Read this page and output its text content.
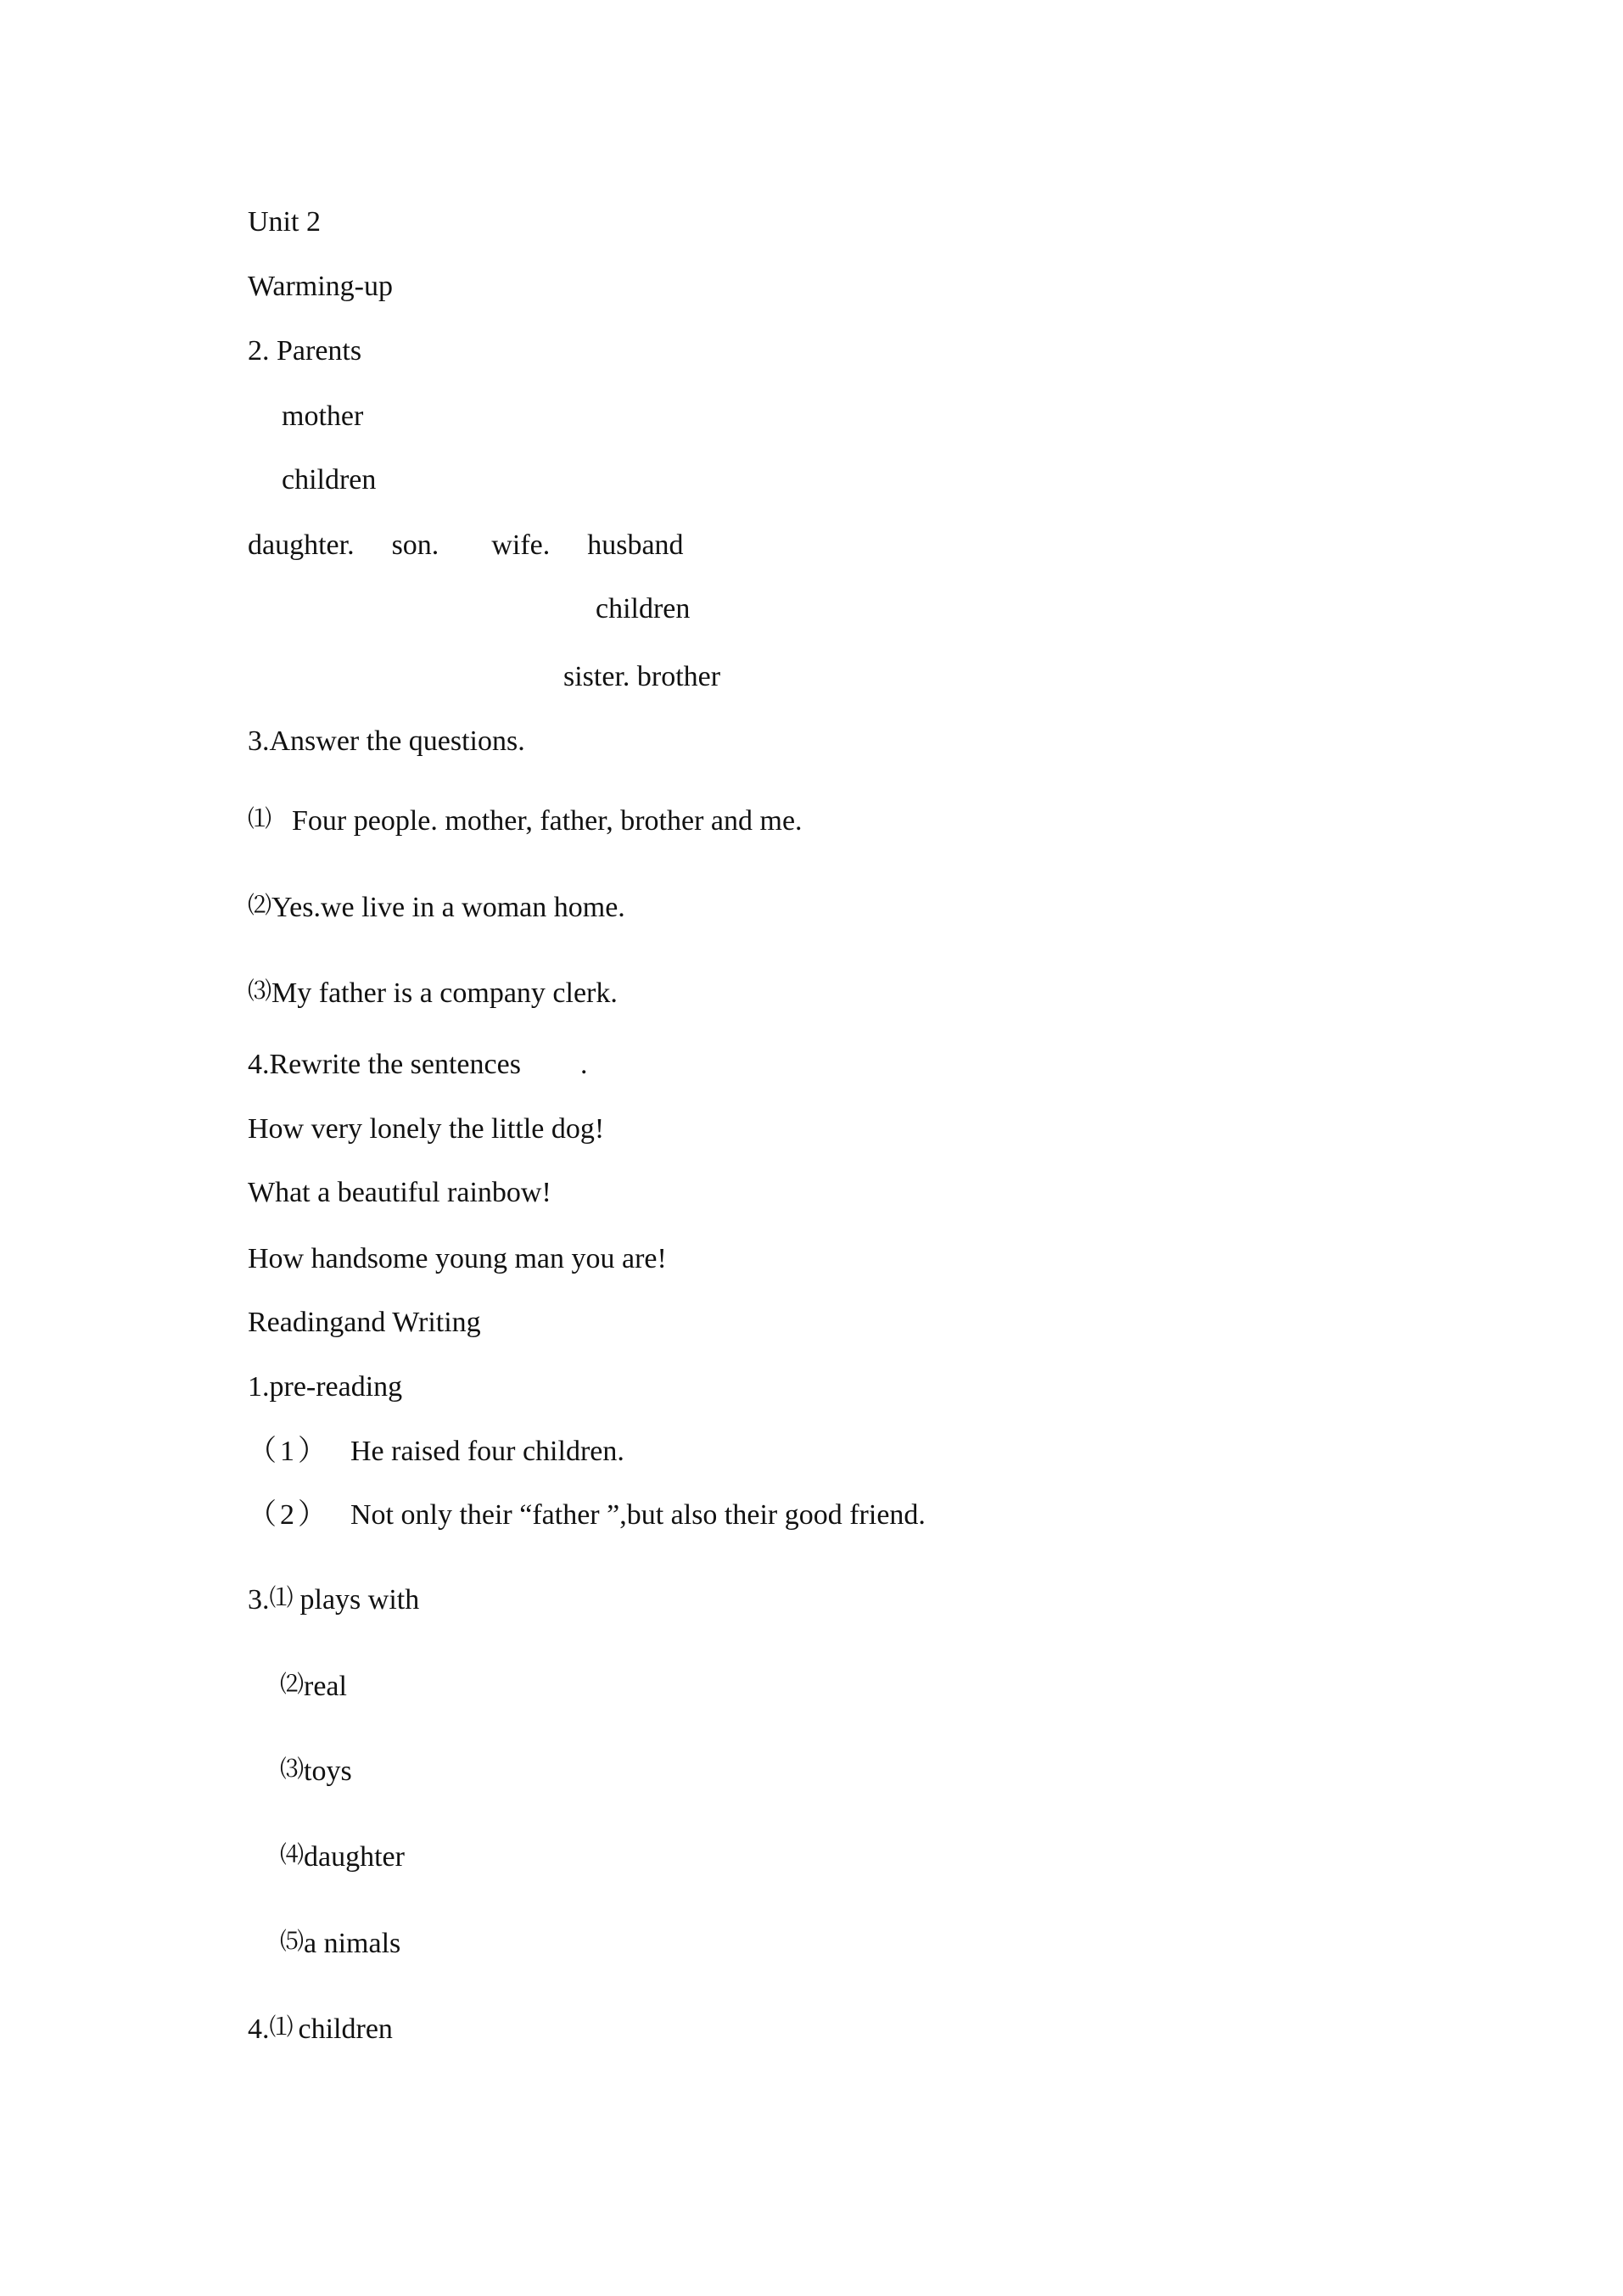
Unit 2
Warming-up
2. Parents
mother
children
daughter. son. wife. husband
children
sister. brother
3.Answer the questions.
⑴ Four people. mother, father, brother and me.
⑵Yes.we live in a woman home.
⑶My father is a company clerk.
4.Rewrite the sentences .
How very lonely the little dog!
What a beautiful rainbow!
How handsome young man you are!
Readingand Writing
1.pre-reading
（1） He raised four children.
（2） Not only their “father ”,but also their good friend.
3.⑴ plays with
⑵real
⑶toys
⑷daughter
⑸a nimals
4.⑴ children
